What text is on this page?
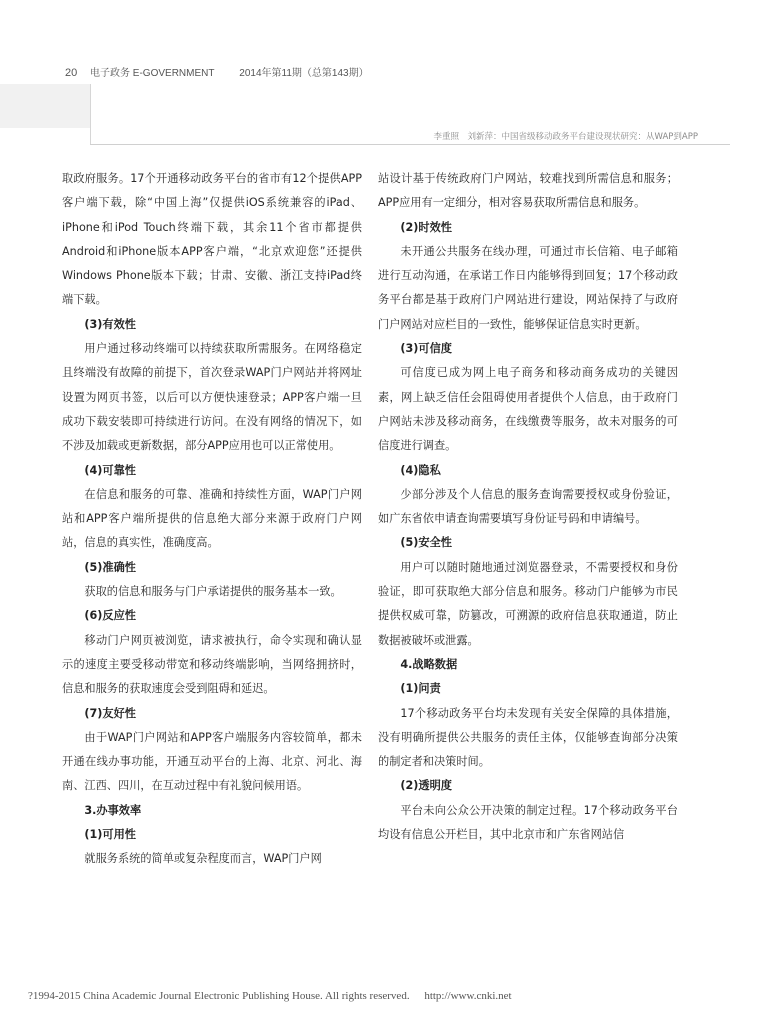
20 电子政务 E-GOVERNMENT 2014年第11期（总第143期）
李重照　刘新萍：中国省级移动政务平台建设现状研究：从WAP到APP

取政府服务。17个开通移动政务平台的省市有12个提供APP客户端下载，除“中国上海”仅提供iOS系统兼容的iPad、iPhone和iPod Touch终端下载，其余11个省市都提供Android和iPhone版本APP客户端，“北京欢迎您”还提供Windows Phone版本下载；甘肃、安徽、浙江支持iPad终端下载。

(3)有效性

用户通过移动终端可以持续获取所需服务。在网络稳定且终端没有故障的前提下，首次登录WAP门户网站并将网址设置为网页书签，以后可以方便快速登录；APP客户端一旦成功下载安装即可持续进行访问。在没有网络的情况下，如不涉及加载或更新数据，部分APP应用也可以正常使用。

(4)可靠性

在信息和服务的可靠、准确和持续性方面，WAP门户网站和APP客户端所提供的信息绝大部分来源于政府门户网站，信息的真实性，准确度高。

(5)准确性

获取的信息和服务与门户承诺提供的服务基本一致。

(6)反应性

移动门户网页被浏览，请求被执行，命令实现和确认显示的速度主要受移动带宽和移动终端影响，当网络拥挤时，信息和服务的获取速度会受到阻碍和延迟。

(7)友好性

由于WAP门户网站和APP客户端服务内容较简单，都未开通在线办事功能，开通互动平台的上海、北京、河北、海南、江西、四川，在互动过程中有礼貌问候用语。

3.办事效率

(1)可用性

就服务系统的简单或复杂程度而言，WAP门户网

站设计基于传统政府门户网站，较难找到所需信息和服务；APP应用有一定细分，相对容易获取所需信息和服务。

(2)时效性

未开通公共服务在线办理，可通过市长信箱、电子邮箱进行互动沟通，在承诺工作日内能够得到回复；17个移动政务平台都是基于政府门户网站进行建设，网站保持了与政府门户网站对应栏目的一致性，能够保证信息实时更新。

(3)可信度

可信度已成为网上电子商务和移动商务成功的关键因素，网上缺乏信任会阻碍使用者提供个人信息，由于政府门户网站未涉及移动商务，在线缴费等服务，故未对服务的可信度进行调查。

(4)隐私

少部分涉及个人信息的服务查询需要授权或身份验证，如广东省依申请查询需要填写身份证号码和申请编号。

(5)安全性

用户可以随时随地通过浏览器登录，不需要授权和身份验证，即可获取绝大部分信息和服务。移动门户能够为市民提供权威可靠，防篡改，可溯源的政府信息获取通道，防止数据被破坏或泄露。

4.战略数据

(1)问责

17个移动政务平台均未发现有关安全保障的具体措施，没有明确所提供公共服务的责任主体，仅能够查询部分决策的制定者和决策时间。

(2)透明度

平台未向公众公开决策的制定过程。17个移动政务平台均设有信息公开栏目，其中北京市和广东省网站信

?1994-2015 China Academic Journal Electronic Publishing House. All rights reserved. http://www.cnki.net
